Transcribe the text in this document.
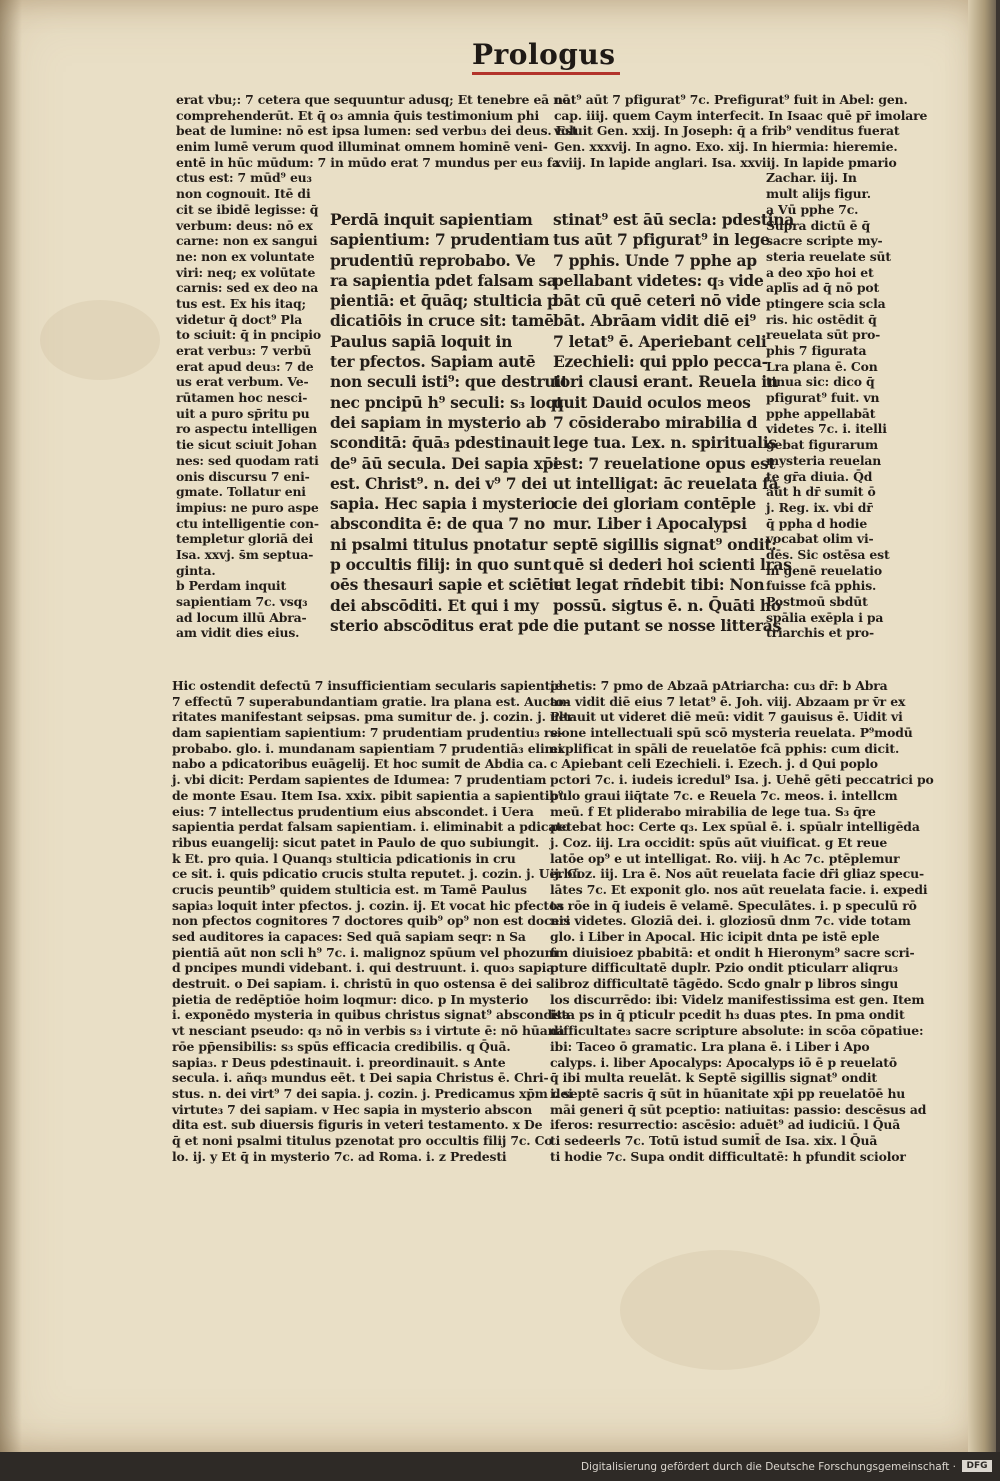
Prologus
erat vbu;: 7 cetera que sequuntur adusq; Et tenebre eā nō
comprehenderūt. Et q̄ o₃ amnia q̄uis testimonium phi
beat de lumine: nō est ipsa lumen: sed verbu₃ dei deus. Est
enim lumē verum quod illuminat omnem hominē veni-
entē in hūc mūdum: 7 in mūdo erat 7 mundus per eu₃ fa
ctus est: 7 mūd⁹ eu₃
non cognouit. Itē di
cit se ibidē legisse: q̄
verbum: deus: nō ex
carne: non ex sangui
ne: non ex voluntate
viri: neq; ex volūtate
carnis: sed ex deo na
tus est. Ex his itaq;
videtur q̄ doct⁹ Pla
to sciuit: q̄ in pncipio
erat verbu₃: 7 verbū
erat apud deu₃: 7 de
us erat verbum. Ve-
rūtamen hoc nesci-
uit a puro sp̄ritu pu
ro aspectu intelligen
tie sicut sciuit Johan
nes: sed quodam rati
onis discursu 7 eni-
gmate. Tollatur eni
impius: ne puro aspe
ctu intelligentie con-
templetur gloriā dei
Isa. xxvj. s̄m septua-
ginta.
b Perdam inquit
sapientiam 7c. vsq₃
ad locum illū Abra-
am vidit dies eius.
Perdā inquit sapientiam
sapientium: 7 prudentiam
prudentiū reprobabo. Ve
ra sapientia pdet falsam sa
pientiā: et q̄uāq; stulticia p
dicatiōis in cruce sit: tamē
Paulus sapiā loquit in
ter pfectos. Sapiam autē
non seculi isti⁹: que destruit
nec pncipū h⁹ seculi: s₃ loqt
dei sapiam in mysterio ab
sconditā: q̄uā₃ pdestinauit
de⁹ āū secula. Dei sapia xp̄i
est. Christ⁹. n. dei v⁹ 7 dei
sapia. Hec sapia i mysterio
abscondita ē: de qua 7 no
ni psalmi titulus pnotatur
p occultis filij: in quo sunt
oēs thesauri sapie et sciētie
dei abscōditi. Et qui i my
sterio abscōditus erat pde
nat⁹ aūt 7 pfigurat⁹ 7c. Prefigurat⁹ fuit in Abel: gen.
cap. iiij. quem Caym interfecit. In Isaac quē pr̄ imolare
voluit Gen. xxij. In Joseph: q̄ a frib⁹ venditus fuerat
Gen. xxxvij. In agno. Exo. xij. In hiermia: hieremie.
xviij. In lapide anglari. Isa. xxviij. In lapide pmario
Zachar. iij. In
mult alijs figur.
a Vū pphe 7c.
Supra dictū ē q̄
sacre scripte my-
steria reuelate sūt
a deo xp̄o hoi et
aplīs ad q̄ nō pot
ptingere scia scla
ris. hic ostēdit q̄
reuelata sūt pro-
phis 7 figurata
Lra plana ē. Con
tinua sic: dico q̄
pfigurat⁹ fuit. vn
pphe appellabāt
videtes 7c. i. itelli
gebat figurarum
mysteria reuelan
te gr̄a diuia. Q̄d
aūt h dr̄ sumit ō
j. Reg. ix. vbi dr̄
q̄ ppha d hodie
vocabat olim vi-
dēs. Sic ostēsa est
in genē reuelatio
fuisse fcā pphis.
Postmoū sbdūt
spālia exēpla i pa
triarchis et pro-
stinat⁹ est āū secla: pdestina
tus aūt 7 pfigurat⁹ in lege
7 pphis. Unde 7 pphe ap
pellabant videtes: q₃ vide
bāt cū quē ceteri nō vide
bāt. Abrāam vidit diē ei⁹
7 letat⁹ ē. Aperiebant celi
Ezechieli: qui pplo pecca-
tori clausi erant. Reuela in
quit Dauid oculos meos
7 cōsiderabo mirabilia d
lege tua. Lex. n. spiritualis
est: 7 reuelatione opus est
ut intelligat: āc reuelata fa
cie dei gloriam contēple
mur. Liber i Apocalypsi
septē sigillis signat⁹ ondit:
quē si dederi hoi scienti lras
ut legat rn̄debit tibi: Non
possū. sigtus ē. n. Q̄uāti ho
die putant se nosse litteras
Hic ostendit defectū 7 insufficientiam secularis sapientie:
7 effectū 7 superabundantiam gratie. lra plana est. Aucto-
ritates manifestant seipsas. pma sumitur de. j. cozin. j. Per
dam sapientiam sapientium: 7 prudentiam prudentiu₃ re-
probabo. glo. i. mundanam sapientiam 7 prudentiā₃ elimi
nabo a pdicatoribus euāgelij. Et hoc sumit de Abdia ca.
j. vbi dicit: Perdam sapientes de Idumea: 7 prudentiam
de monte Esau. Item Isa. xxix. pibit sapientia a sapientib⁹
eius: 7 intellectus prudentium eius abscondet. i Uera
sapientia perdat falsam sapientiam. i. eliminabit a pdicato
ribus euangelij: sicut patet in Paulo de quo subiungit.
k Et. pro quia. l Quanq₃ stulticia pdicationis in cru
ce sit. i. quis pdicatio crucis stulta reputet. j. cozin. j. Uerbū
crucis peuntib⁹ quidem stulticia est. m Tamē Paulus
sapia₃ loquit inter pfectos. j. cozin. ij. Et vocat hic pfectos
non pfectos cognitores 7 doctores quib⁹ op⁹ non est doceri
sed auditores ia capaces: Sed quā sapiam seqr: n Sa
pientiā aūt non scli h⁹ 7c. i. malignoz spūum vel phozum
d pncipes mundi videbant. i. qui destruunt. i. quo₃ sapia
destruit. o Dei sapiam. i. christū in quo ostensa ē dei sa
pietia de redēptiōe hoim loqmur: dico. p In mysterio
i. exponēdo mysteria in quibus christus signat⁹ abscondita
vt nesciant pseudo: q₃ nō in verbis s₃ i virtute ē: nō hūana
rōe pp̄ensibilis: s₃ spūs efficacia credibilis. q Q̄uā.
sapia₃. r Deus pdestinauit. i. preordinauit. s Ante
secula. i. añq₃ mundus eēt. t Dei sapia Christus ē. Chri-
stus. n. dei virt⁹ 7 dei sapia. j. cozin. j. Predicamus xp̄m dei
virtute₃ 7 dei sapiam. v Hec sapia in mysterio abscon
dita est. sub diuersis figuris in veteri testamento. x De
q̄ et noni psalmi titulus pzenotat pro occultis filij 7c. Co
lo. ij. y Et q̄ in mysterio 7c. ad Roma. i. z Predesti
phetis: 7 pmo de Abzaā pAtriarcha: cu₃ dr̄: b Abra
am vidit diē eius 7 letat⁹ ē. Joh. viij. Abzaam pr v̄r ex
ultauit ut videret diē meū: vidit 7 gauisus ē. Uidit vi
sione intellectuali spū scō mysteria reuelata. P⁹modū
explificat in spāli de reuelatōe fcā pphis: cum dicit.
c Apiebant celi Ezechieli. i. Ezech. j. d Qui poplo
pctori 7c. i. iudeis icredul⁹ Isa. j. Uehē gēti peccatrici po
pulo graui iiq̄tate 7c. e Reuela 7c. meos. i. intellcm
meū. f Et pliderabo mirabilia de lege tua. S₃ q̄re
petebat hoc: Certe q₃. Lex spūal ē. i. spūalr intelligēda
j. Coz. iij. Lra occidit: spūs aūt viuificat. g Et reue
latōe op⁹ e ut intelligat. Ro. viij. h Ac 7c. ptēplemur
ij. Coz. iij. Lra ē. Nos aūt reuelata facie dr̄i gliaz specu-
lātes 7c. Et exponit glo. nos aūt reuelata facie. i. expedi
ta rōe in q̄ iudeis ē velamē. Speculātes. i. p speculū rō
nis videtes. Gloziā dei. i. gloziosū dnm 7c. vide totam
glo. i Liber in Apocal. Hic icipit dnta pe istē eple
fm diuisioez pbabitā: et ondit h Hieronym⁹ sacre scri-
pture difficultatē duplr. Pzio ondit pticularr aliqru₃
libroz difficultatē tāgēdo. Scdo gnalr p libros singu
los discurrēdo: ibi: Videlz manifestissima est gen. Item
ista ps in q̄ pticulr pcedit h₃ duas ptes. In pma ondit
difficultate₃ sacre scripture absolute: in scōa cōpatiue:
ibi: Taceo ō gramatic. Lra plana ē. i Liber i Apo
calyps. i. liber Apocalyps: Apocalyps iō ē p reuelatō
q̄ ibi multa reuelāt. k Septē sigillis signat⁹ ondit
i. septē sacris q̄ sūt in hūanitate xp̄i pp reuelatōē hu
māi generi q̄ sūt pceptio: natiuitas: passio: descēsus ad
iferos: resurrectio: ascēsio: aduēt⁹ ad iudiciū. l Q̄uā
ti sedeerls 7c. Totū istud sumit̄ de Isa. xix. l Q̄uā
ti hodie 7c. Supa ondit difficultatē: h pfundit sciolor
Digitalisierung gefördert durch die Deutsche Forschungsgemeinschaft ·	DFG
